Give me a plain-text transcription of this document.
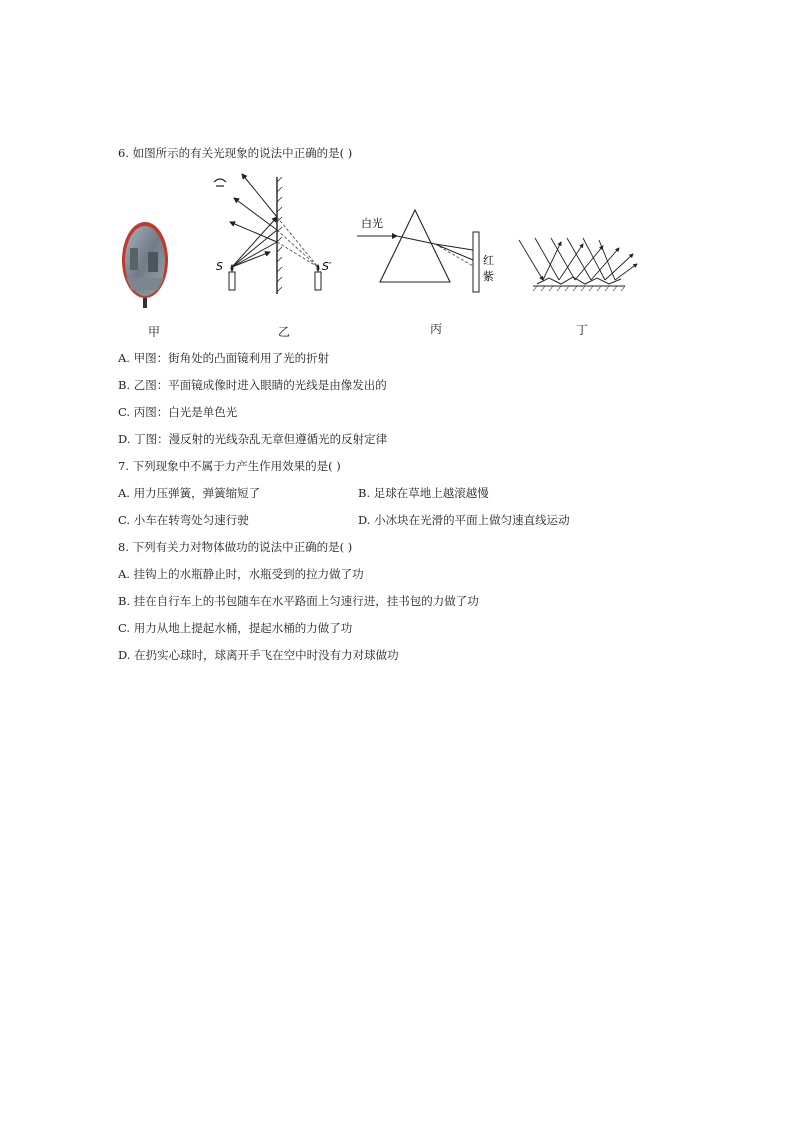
6. 如图所示的有关光现象的说法中正确的是( )
甲
S	S′
乙
白光
红
紫
丙	丁
A. 甲图：街角处的凸面镜利用了光的折射
B. 乙图：平面镜成像时进入眼睛的光线是由像发出的
C. 丙图：白光是单色光
D. 丁图：漫反射的光线杂乱无章但遵循光的反射定律
7. 下列现象中不属于力产生作用效果的是( )
A. 用力压弹簧，弹簧缩短了	B. 足球在草地上越滚越慢
C. 小车在转弯处匀速行驶	D. 小冰块在光滑的平面上做匀速直线运动
8. 下列有关力对物体做功的说法中正确的是( )
A. 挂钩上的水瓶静止时，水瓶受到的拉力做了功
B. 挂在自行车上的书包随车在水平路面上匀速行进，挂书包的力做了功
C. 用力从地上提起水桶，提起水桶的力做了功
D. 在扔实心球时，球离开手飞在空中时没有力对球做功
